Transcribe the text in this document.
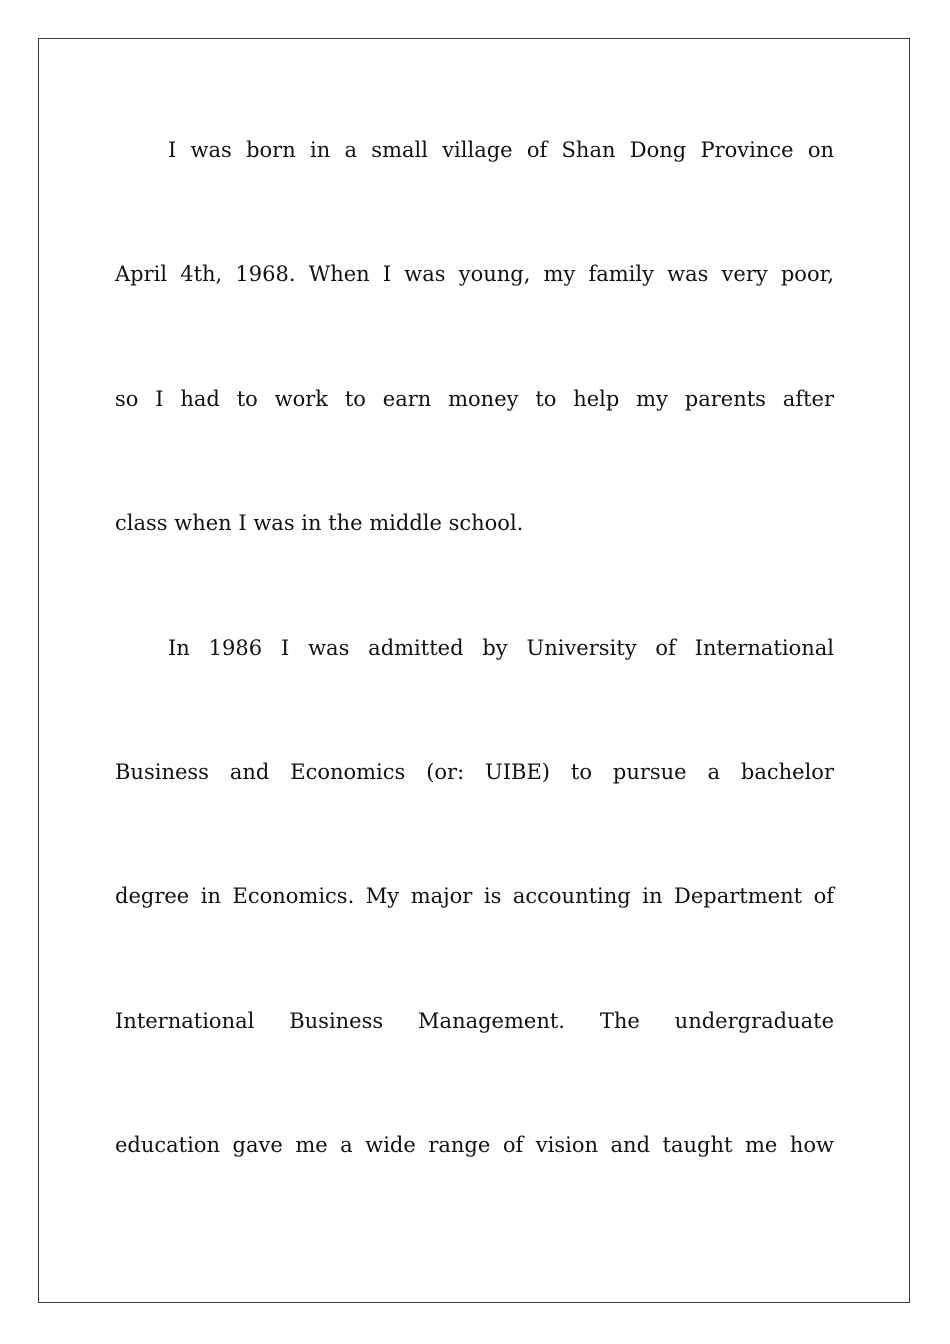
I was born in a small village of Shan Dong Province on

April 4th, 1968. When I was young, my family was very poor,

so I had to work to earn money to help my parents after

class when I was in the middle school.

In 1986 I was admitted by University of International

Business and Economics (or: UIBE) to pursue a bachelor

degree in Economics. My major is accounting in Department of

International Business Management. The undergraduate

education gave me a wide range of vision and taught me how
